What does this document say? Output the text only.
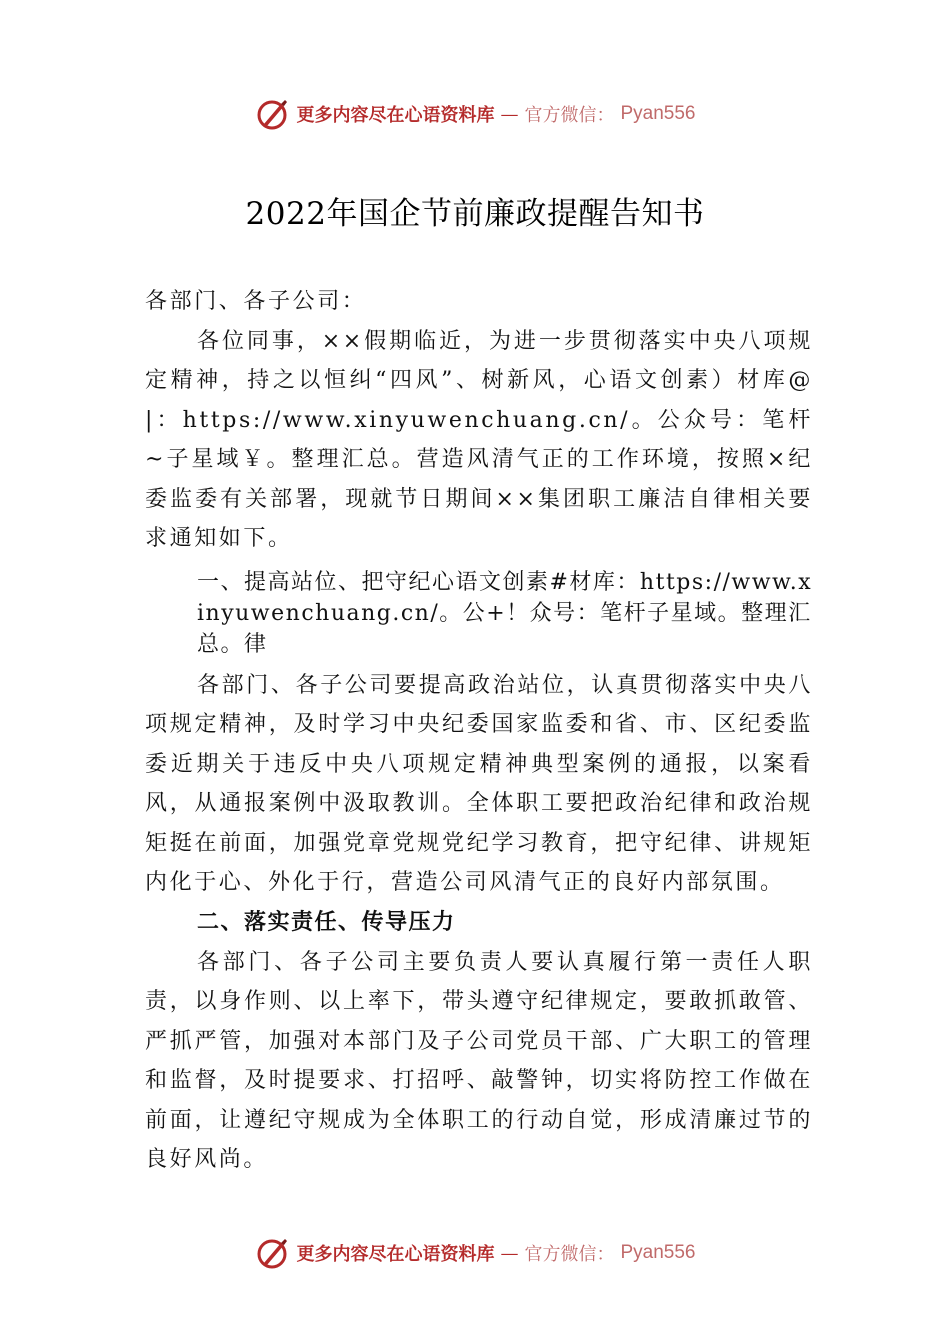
更多内容尽在心语资料库 — 官方微信： Pyan556
2022年国企节前廉政提醒告知书

各部门、各子公司：

各位同事，××假期临近，为进一步贯彻落实中央八项规定精神，持之以恒纠“四风”、树新风，心语文创素）材库@|：https://www.xinyuwenchuang.cn/。公众号：笔杆~子星域￥。整理汇总。营造风清气正的工作环境，按照×纪委监委有关部署，现就节日期间××集团职工廉洁自律相关要求通知如下。

一、提高站位、把守纪心语文创素#材库：https://www.xinyuwenchuang.cn/。公+！众号：笔杆子星域。整理汇总。律

各部门、各子公司要提高政治站位，认真贯彻落实中央八项规定精神，及时学习中央纪委国家监委和省、市、区纪委监委近期关于违反中央八项规定精神典型案例的通报，以案看风，从通报案例中汲取教训。全体职工要把政治纪律和政治规矩挺在前面，加强党章党规党纪学习教育，把守纪律、讲规矩内化于心、外化于行，营造公司风清气正的良好内部氛围。

二、落实责任、传导压力

各部门、各子公司主要负责人要认真履行第一责任人职责，以身作则、以上率下，带头遵守纪律规定，要敢抓敢管、严抓严管，加强对本部门及子公司党员干部、广大职工的管理和监督，及时提要求、打招呼、敲警钟，切实将防控工作做在前面，让遵纪守规成为全体职工的行动自觉，形成清廉过节的良好风尚。

更多内容尽在心语资料库 — 官方微信： Pyan556
